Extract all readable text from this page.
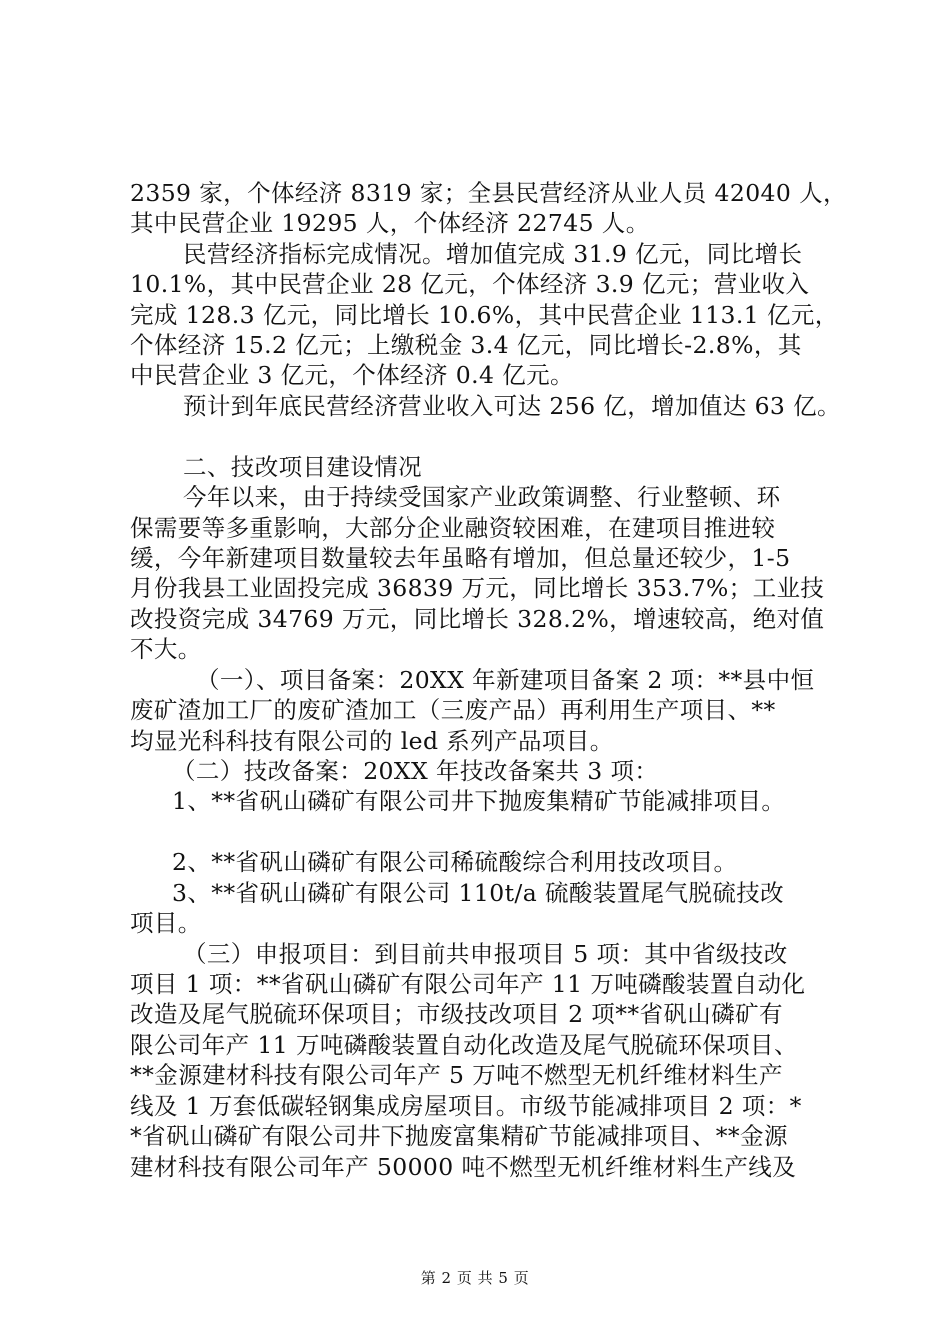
2359 家，个体经济 8319 家；全县民营经济从业人员 42040 人，
其中民营企业 19295 人，个体经济 22745 人。
民营经济指标完成情况。增加值完成 31.9 亿元，同比增长
10.1%，其中民营企业 28 亿元，个体经济 3.9 亿元；营业收入
完成 128.3 亿元，同比增长 10.6%，其中民营企业 113.1 亿元，
个体经济 15.2 亿元；上缴税金 3.4 亿元，同比增长-2.8%，其
中民营企业 3 亿元，个体经济 0.4 亿元。
预计到年底民营经济营业收入可达 256 亿，增加值达 63 亿。
二、技改项目建设情况
今年以来，由于持续受国家产业政策调整、行业整顿、环
保需要等多重影响，大部分企业融资较困难，在建项目推进较
缓，今年新建项目数量较去年虽略有增加，但总量还较少，1-5
月份我县工业固投完成 36839 万元，同比增长 353.7%；工业技
改投资完成 34769 万元，同比增长 328.2%，增速较高，绝对值
不大。
（一）、项目备案：20XX 年新建项目备案 2 项：**县中恒
废矿渣加工厂的废矿渣加工（三废产品）再利用生产项目、**
均显光科科技有限公司的 led 系列产品项目。
（二）技改备案：20XX 年技改备案共 3 项：
1、**省矾山磷矿有限公司井下抛废集精矿节能减排项目。
2、**省矾山磷矿有限公司稀硫酸综合利用技改项目。
3、**省矾山磷矿有限公司 110t/a 硫酸装置尾气脱硫技改
项目。
（三）申报项目：到目前共申报项目 5 项：其中省级技改
项目 1 项：**省矾山磷矿有限公司年产 11 万吨磷酸装置自动化
改造及尾气脱硫环保项目；市级技改项目 2 项**省矾山磷矿有
限公司年产 11 万吨磷酸装置自动化改造及尾气脱硫环保项目、
**金源建材科技有限公司年产 5 万吨不燃型无机纤维材料生产
线及 1 万套低碳轻钢集成房屋项目。市级节能减排项目 2 项：*
*省矾山磷矿有限公司井下抛废富集精矿节能减排项目、**金源
建材科技有限公司年产 50000 吨不燃型无机纤维材料生产线及
第 2 页 共 5 页
